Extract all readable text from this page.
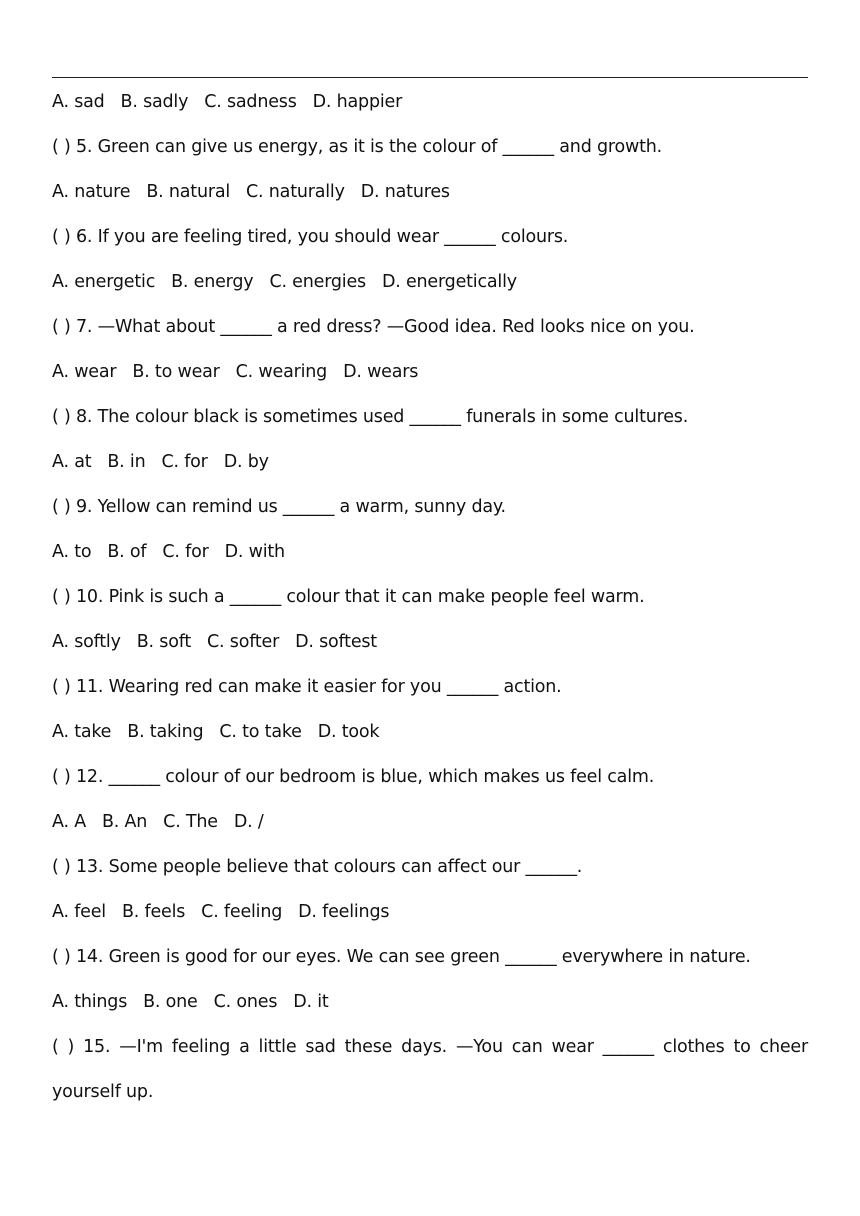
A. sad B. sadly C. sadness D. happier
( ) 5. Green can give us energy, as it is the colour of ______ and growth.
A. nature B. natural C. naturally D. natures
( ) 6. If you are feeling tired, you should wear ______ colours.
A. energetic B. energy C. energies D. energetically
( ) 7. —What about ______ a red dress? —Good idea. Red looks nice on you.
A. wear B. to wear C. wearing D. wears
( ) 8. The colour black is sometimes used ______ funerals in some cultures.
A. at B. in C. for D. by
( ) 9. Yellow can remind us ______ a warm, sunny day.
A. to B. of C. for D. with
( ) 10. Pink is such a ______ colour that it can make people feel warm.
A. softly B. soft C. softer D. softest
( ) 11. Wearing red can make it easier for you ______ action.
A. take B. taking C. to take D. took
( ) 12. ______ colour of our bedroom is blue, which makes us feel calm.
A. A B. An C. The D. /
( ) 13. Some people believe that colours can affect our ______.
A. feel B. feels C. feeling D. feelings
( ) 14. Green is good for our eyes. We can see green ______ everywhere in nature.
A. things B. one C. ones D. it
( ) 15. —I'm feeling a little sad these days. —You can wear ______ clothes to cheer yourself up.
